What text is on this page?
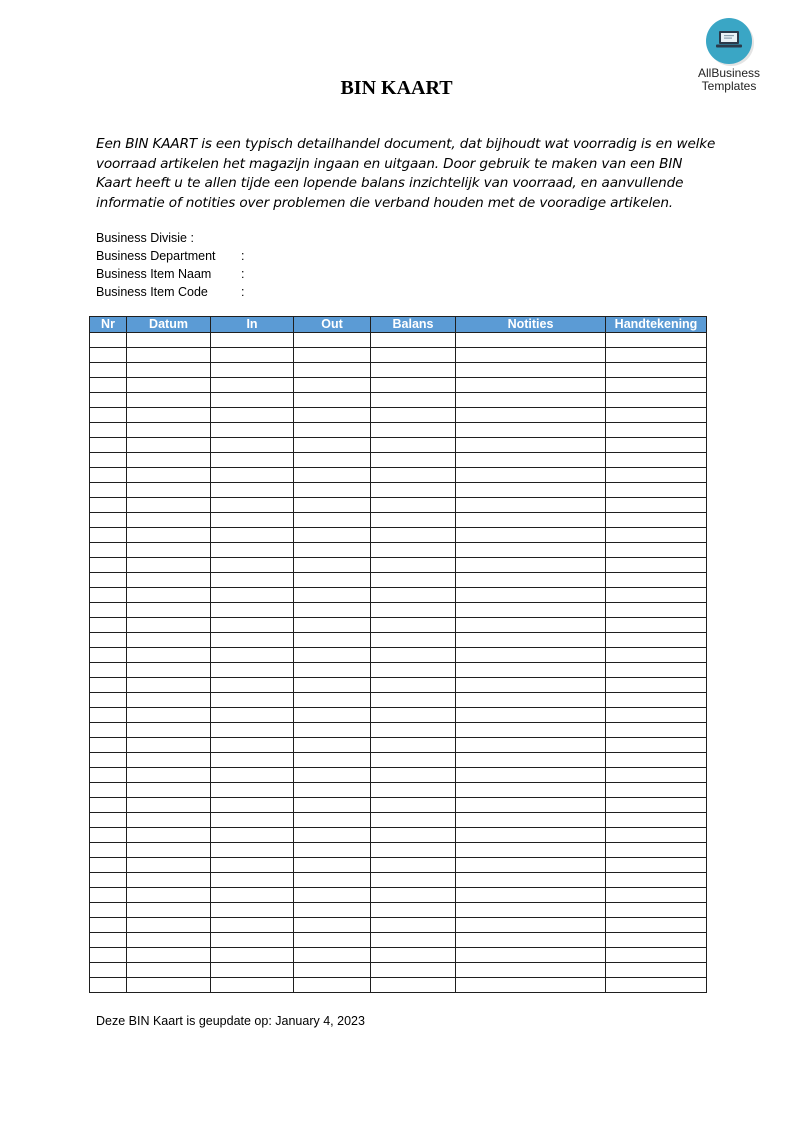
AllBusiness
Templates
BIN KAART
Een BIN KAART is een typisch detailhandel document, dat bijhoudt wat voorradig is en welke
voorraad artikelen het magazijn ingaan en uitgaan. Door gebruik te maken van een BIN
Kaart heeft u te allen tijde een lopende balans inzichtelijk van voorraad, en aanvullende
informatie of notities over problemen die verband houden met de vooradige artikelen.
Business Divisie :
Business Department :
Business Item Naam :
Business Item Code	:
Nr	Datum	In	Out	Balans	Notities	Handtekening

Deze BIN Kaart is geupdate op: January 4, 2023
